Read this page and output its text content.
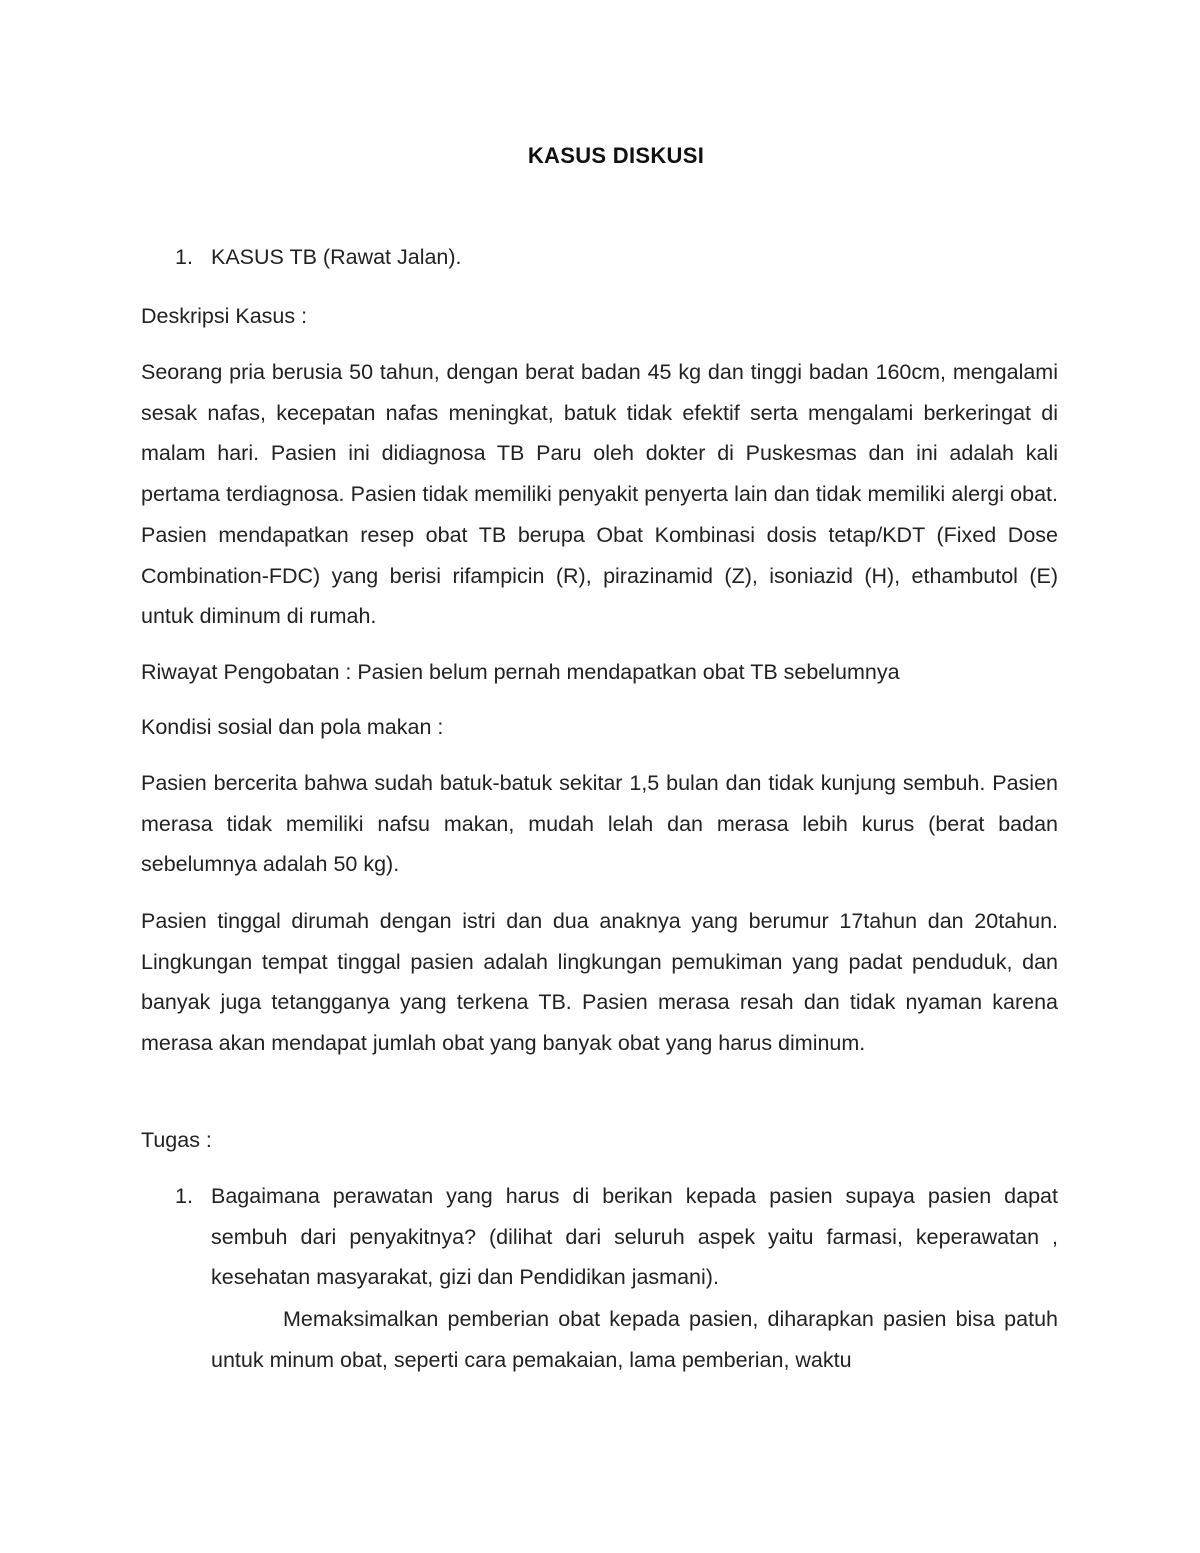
KASUS DISKUSI
1. KASUS TB (Rawat Jalan).

Deskripsi Kasus :

Seorang pria berusia 50 tahun, dengan berat badan 45 kg dan tinggi badan 160cm, mengalami sesak nafas, kecepatan nafas meningkat, batuk tidak efektif serta mengalami berkeringat di malam hari. Pasien ini didiagnosa TB Paru oleh dokter di Puskesmas dan ini adalah kali pertama terdiagnosa. Pasien tidak memiliki penyakit penyerta lain dan tidak memiliki alergi obat. Pasien mendapatkan resep obat TB berupa Obat Kombinasi dosis tetap/KDT (Fixed Dose Combination-FDC) yang berisi rifampicin (R), pirazinamid (Z), isoniazid (H), ethambutol (E) untuk diminum di rumah.

Riwayat Pengobatan : Pasien belum pernah mendapatkan obat TB sebelumnya

Kondisi sosial dan pola makan :

Pasien bercerita bahwa sudah batuk-batuk sekitar 1,5 bulan dan tidak kunjung sembuh. Pasien merasa tidak memiliki nafsu makan, mudah lelah dan merasa lebih kurus (berat badan sebelumnya adalah 50 kg).

Pasien tinggal dirumah dengan istri dan dua anaknya yang berumur 17tahun dan 20tahun. Lingkungan tempat tinggal pasien adalah lingkungan pemukiman yang padat penduduk, dan banyak juga tetangganya yang terkena TB. Pasien merasa resah dan tidak nyaman karena merasa akan mendapat jumlah obat yang banyak obat yang harus diminum.

Tugas :

1. Bagaimana perawatan yang harus di berikan kepada pasien supaya pasien dapat sembuh dari penyakitnya? (dilihat dari seluruh aspek yaitu farmasi, keperawatan , kesehatan masyarakat, gizi dan Pendidikan jasmani).

Memaksimalkan pemberian obat kepada pasien, diharapkan pasien bisa patuh untuk minum obat, seperti cara pemakaian, lama pemberian, waktu
